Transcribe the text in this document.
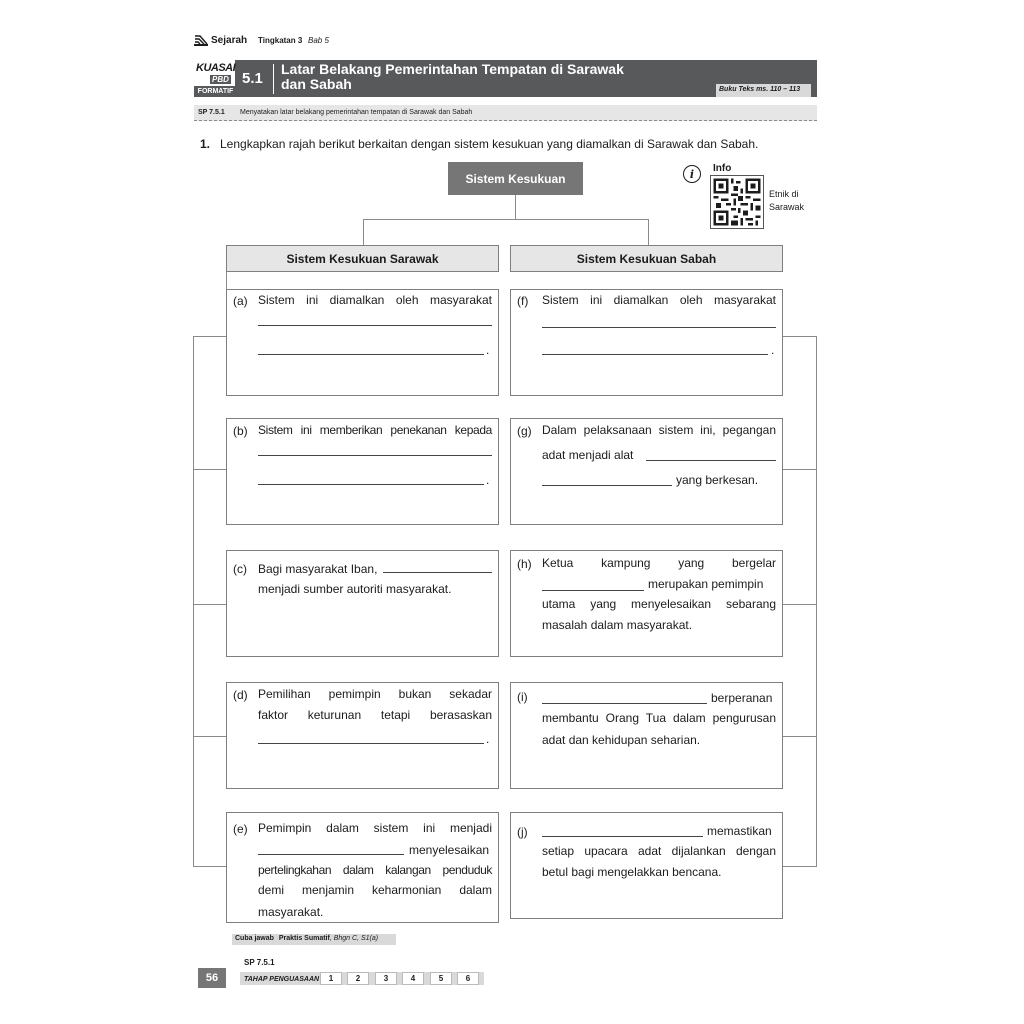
Sejarah Tingkatan 3 Bab 5
KUASAI
PBD
FORMATIF
5.1
Latar Belakang Pemerintahan Tempatan di Sarawak
dan Sabah	Buku Teks ms. 110 – 113
SP 7.5.1 Menyatakan latar belakang pemerintahan tempatan di Sarawak dan Sabah
1. Lengkapkan rajah berikut berkaitan dengan sistem kesukuan yang diamalkan di Sarawak dan Sabah.
i	Info
Etnik di
Sarawak
Sistem Kesukuan
Sistem Kesukuan Sarawak	Sistem Kesukuan Sabah
(a) Sistem ini diamalkan oleh masyarakat
.
(f) Sistem ini diamalkan oleh masyarakat
.
(b) Sistem ini memberikan penekanan kepada
.
(g) Dalam pelaksanaan sistem ini, pegangan
adat menjadi alat
yang berkesan.
(c) Bagi masyarakat Iban,
menjadi sumber autoriti masyarakat.
(h) Ketua kampung yang bergelar
merupakan pemimpin
utama yang menyelesaikan sebarang
masalah dalam masyarakat.
(d) Pemilihan pemimpin bukan sekadar
faktor keturunan tetapi berasaskan
.
(i)	berperanan
membantu Orang Tua dalam pengurusan
adat dan kehidupan seharian.
(e) Pemimpin dalam sistem ini menjadi
menyelesaikan
pertelingkahan dalam kalangan penduduk
demi menjamin keharmonian dalam
masyarakat.
(j)	memastikan
setiap upacara adat dijalankan dengan
betul bagi mengelakkan bencana.
Cuba jawab Praktis Sumatif, Bhgn C, S1(a)
56
SP 7.5.1
TAHAP PENGUASAAN	1	2	3	4	5	6
